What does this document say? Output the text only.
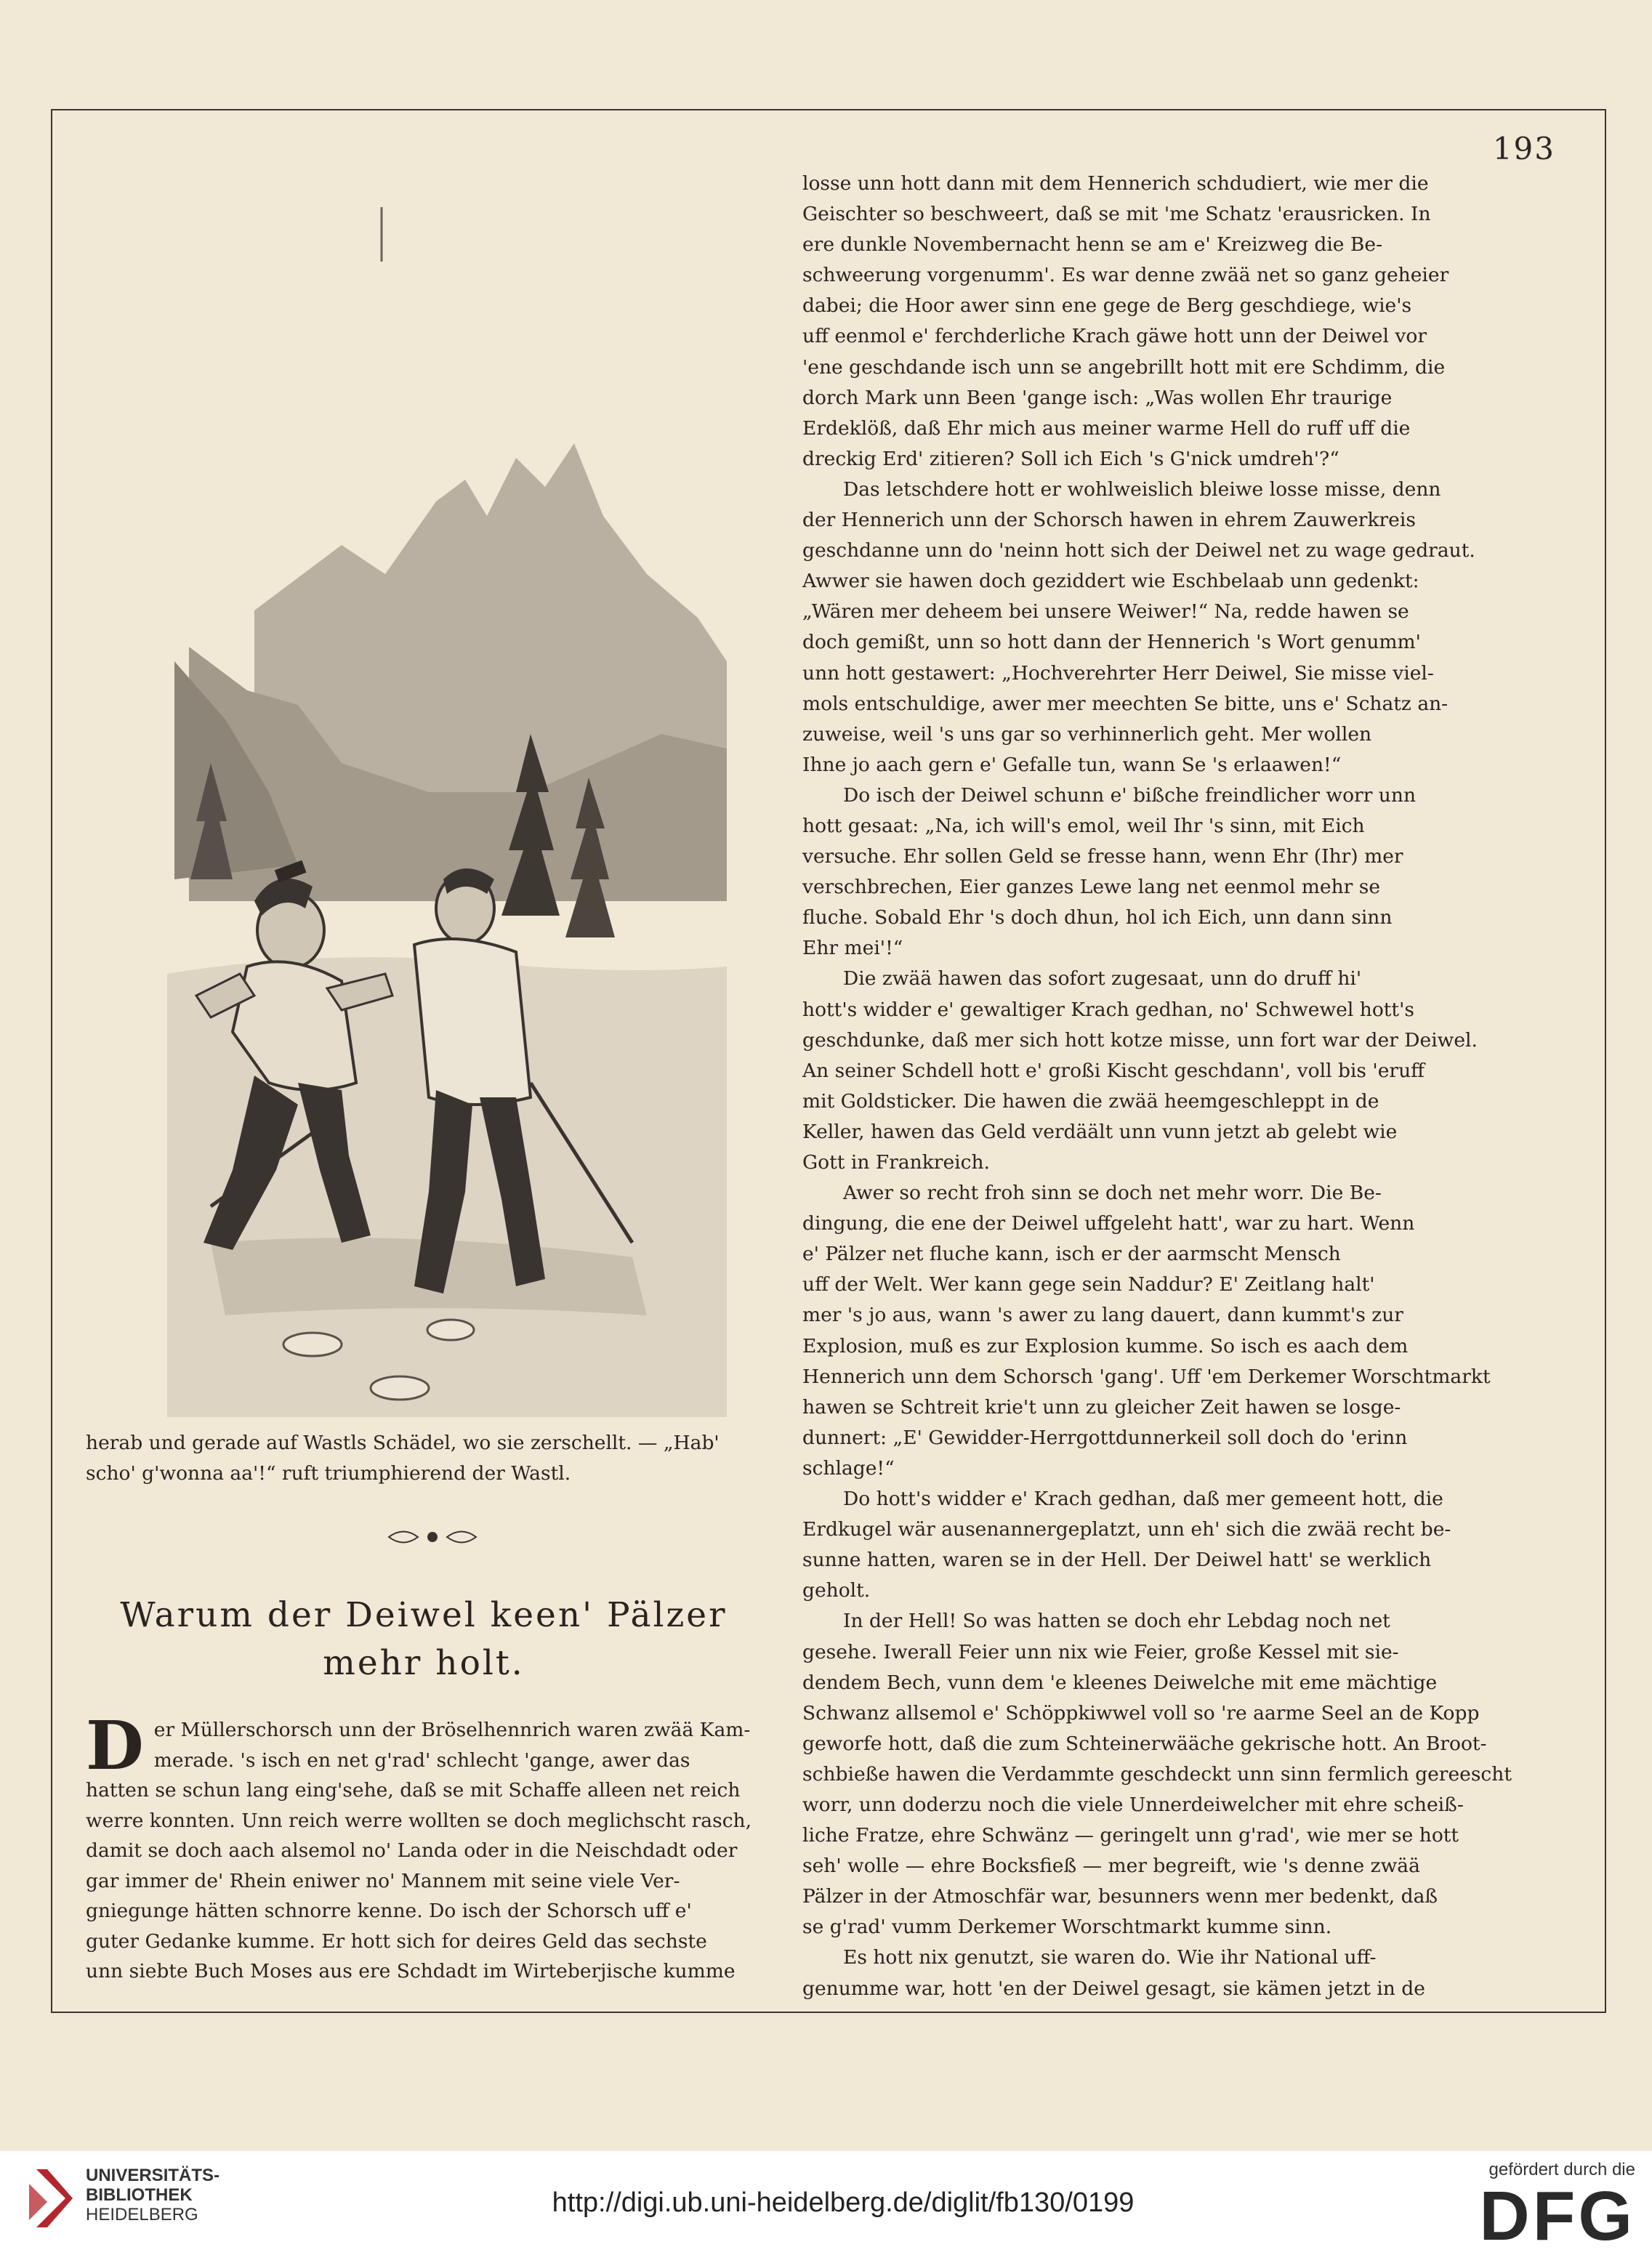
193

herab und gerade auf Wastls Schädel, wo sie zerschellt. — „Hab'

scho' g'wonna aa'!“ ruft triumphierend der Wastl.

Warum der Deiwel keen' Pälzer
mehr holt.
D er Müllerschorsch unn der Bröselhennrich waren zwää Kam-

merade. 's isch en net g'rad' schlecht 'gange, awer das

hatten se schun lang eing'sehe, daß se mit Schaffe alleen net reich

werre konnten. Unn reich werre wollten se doch meglichscht rasch,

damit se doch aach alsemol no' Landa oder in die Neischdadt oder

gar immer de' Rhein eniwer no' Mannem mit seine viele Ver-

gniegunge hätten schnorre kenne. Do isch der Schorsch uff e'

guter Gedanke kumme. Er hott sich for deires Geld das sechste

unn siebte Buch Moses aus ere Schdadt im Wirteberjische kumme

losse unn hott dann mit dem Hennerich schdudiert, wie mer die

Geischter so beschweert, daß se mit 'me Schatz 'erausricken. In

ere dunkle Novembernacht henn se am e' Kreizweg die Be-

schweerung vorgenumm'. Es war denne zwää net so ganz geheier

dabei; die Hoor awer sinn ene gege de Berg geschdiege, wie's

uff eenmol e' ferchderliche Krach gäwe hott unn der Deiwel vor

'ene geschdande isch unn se angebrillt hott mit ere Schdimm, die

dorch Mark unn Been 'gange isch: „Was wollen Ehr traurige

Erdeklöß, daß Ehr mich aus meiner warme Hell do ruff uff die

dreckig Erd' zitieren? Soll ich Eich 's G'nick umdreh'?“

Das letschdere hott er wohlweislich bleiwe losse misse, denn

der Hennerich unn der Schorsch hawen in ehrem Zauwerkreis

geschdanne unn do 'neinn hott sich der Deiwel net zu wage gedraut.

Awwer sie hawen doch geziddert wie Eschbelaab unn gedenkt:

„Wären mer deheem bei unsere Weiwer!“ Na, redde hawen se

doch gemißt, unn so hott dann der Hennerich 's Wort genumm'

unn hott gestawert: „Hochverehrter Herr Deiwel, Sie misse viel-

mols entschuldige, awer mer meechten Se bitte, uns e' Schatz an-

zuweise, weil 's uns gar so verhinnerlich geht. Mer wollen

Ihne jo aach gern e' Gefalle tun, wann Se 's erlaawen!“

Do isch der Deiwel schunn e' bißche freindlicher worr unn

hott gesaat: „Na, ich will's emol, weil Ihr 's sinn, mit Eich

versuche. Ehr sollen Geld se fresse hann, wenn Ehr (Ihr) mer

verschbrechen, Eier ganzes Lewe lang net eenmol mehr se

fluche. Sobald Ehr 's doch dhun, hol ich Eich, unn dann sinn

Ehr mei'!“

Die zwää hawen das sofort zugesaat, unn do druff hi'

hott's widder e' gewaltiger Krach gedhan, no' Schwewel hott's

geschdunke, daß mer sich hott kotze misse, unn fort war der Deiwel.

An seiner Schdell hott e' großi Kischt geschdann', voll bis 'eruff

mit Goldsticker. Die hawen die zwää heemgeschleppt in de

Keller, hawen das Geld verdäält unn vunn jetzt ab gelebt wie

Gott in Frankreich.

Awer so recht froh sinn se doch net mehr worr. Die Be-

dingung, die ene der Deiwel uffgeleht hatt', war zu hart. Wenn

e' Pälzer net fluche kann, isch er der aarmscht Mensch

uff der Welt. Wer kann gege sein Naddur? E' Zeitlang halt'

mer 's jo aus, wann 's awer zu lang dauert, dann kummt's zur

Explosion, muß es zur Explosion kumme. So isch es aach dem

Hennerich unn dem Schorsch 'gang'. Uff 'em Derkemer Worschtmarkt

hawen se Schtreit krie't unn zu gleicher Zeit hawen se losge-

dunnert: „E' Gewidder-Herrgottdunnerkeil soll doch do 'erinn

schlage!“

Do hott's widder e' Krach gedhan, daß mer gemeent hott, die

Erdkugel wär ausenannergeplatzt, unn eh' sich die zwää recht be-

sunne hatten, waren se in der Hell. Der Deiwel hatt' se werklich

geholt.

In der Hell! So was hatten se doch ehr Lebdag noch net

gesehe. Iwerall Feier unn nix wie Feier, große Kessel mit sie-

dendem Bech, vunn dem 'e kleenes Deiwelche mit eme mächtige

Schwanz allsemol e' Schöppkiwwel voll so 're aarme Seel an de Kopp

geworfe hott, daß die zum Schteinerwääche gekrische hott. An Broot-

schbieße hawen die Verdammte geschdeckt unn sinn fermlich gereescht

worr, unn doderzu noch die viele Unnerdeiwelcher mit ehre scheiß-

liche Fratze, ehre Schwänz — geringelt unn g'rad', wie mer se hott

seh' wolle — ehre Bocksfieß — mer begreift, wie 's denne zwää

Pälzer in der Atmoschfär war, besunners wenn mer bedenkt, daß

se g'rad' vumm Derkemer Worschtmarkt kumme sinn.

Es hott nix genutzt, sie waren do. Wie ihr National uff-

genumme war, hott 'en der Deiwel gesagt, sie kämen jetzt in de

UNIVERSITÄTS-
BIBLIOTHEK
HEIDELBERG	http://digi.ub.uni-heidelberg.de/diglit/fb130/0199
gefördert durch die
DFG
